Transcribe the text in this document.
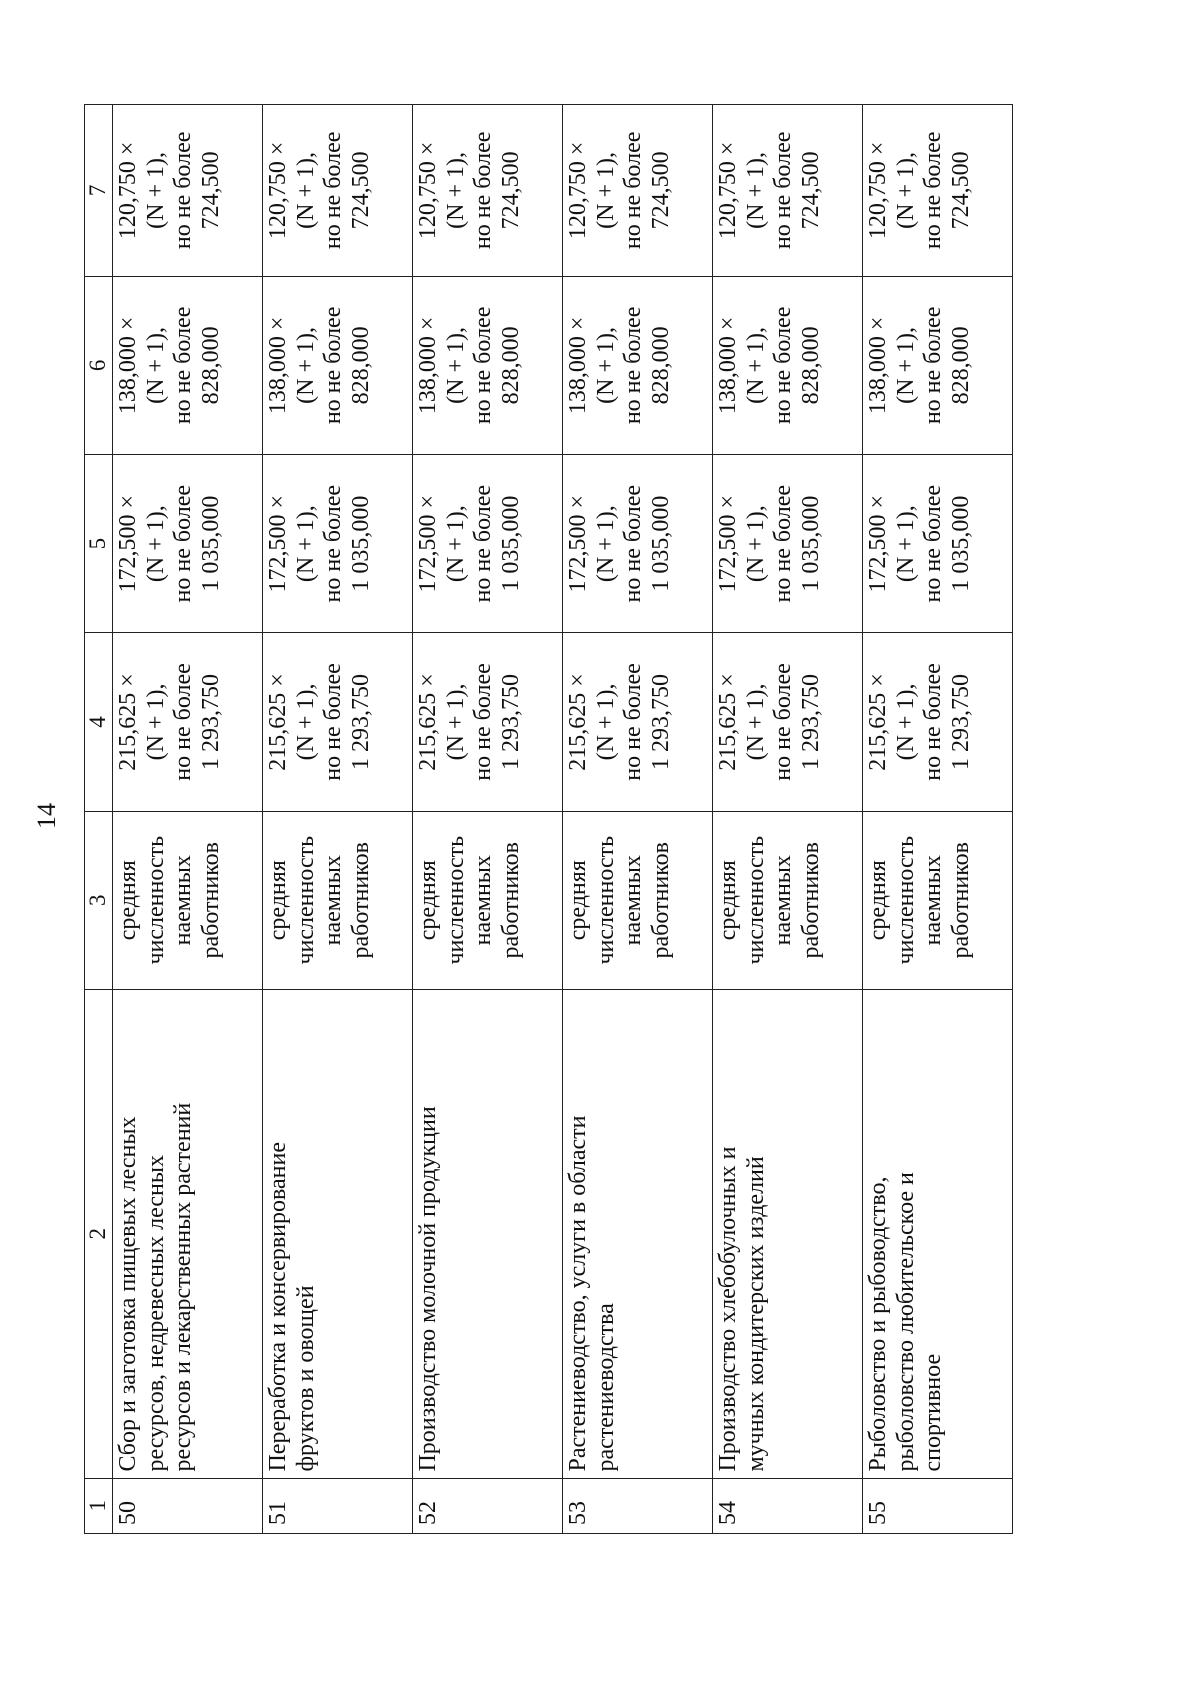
14
1	2	3	4	5	6	7
50	Сбор и заготовка пищевых лесных ресурсов, недревесных лесных ресурсов и лекарственных растений	средняя численность наемных работников	215,625 × (N + 1), но не более 1 293,750	172,500 × (N + 1), но не более 1 035,000	138,000 × (N + 1), но не более 828,000	120,750 × (N + 1), но не более 724,500

51	Переработка и консервирование фруктов и овощей	средняя численность наемных работников	215,625 × (N + 1), но не более 1 293,750	172,500 × (N + 1), но не более 1 035,000	138,000 × (N + 1), но не более 828,000	120,750 × (N + 1), но не более 724,500

52	Производство молочной продукции	средняя численность наемных работников	215,625 × (N + 1), но не более 1 293,750	172,500 × (N + 1), но не более 1 035,000	138,000 × (N + 1), но не более 828,000	120,750 × (N + 1), но не более 724,500

53	Растениеводство, услуги в области растениеводства	средняя численность наемных работников	215,625 × (N + 1), но не более 1 293,750	172,500 × (N + 1), но не более 1 035,000	138,000 × (N + 1), но не более 828,000	120,750 × (N + 1), но не более 724,500

54	Производство хлебобулочных и мучных кондитерских изделий	средняя численность наемных работников	215,625 × (N + 1), но не более 1 293,750	172,500 × (N + 1), но не более 1 035,000	138,000 × (N + 1), но не более 828,000	120,750 × (N + 1), но не более 724,500

55	Рыболовство и рыбоводство, рыболовство любительское и спортивное	средняя численность наемных работников	215,625 × (N + 1), но не более 1 293,750	172,500 × (N + 1), но не более 1 035,000	138,000 × (N + 1), но не более 828,000	120,750 × (N + 1), но не более 724,500
